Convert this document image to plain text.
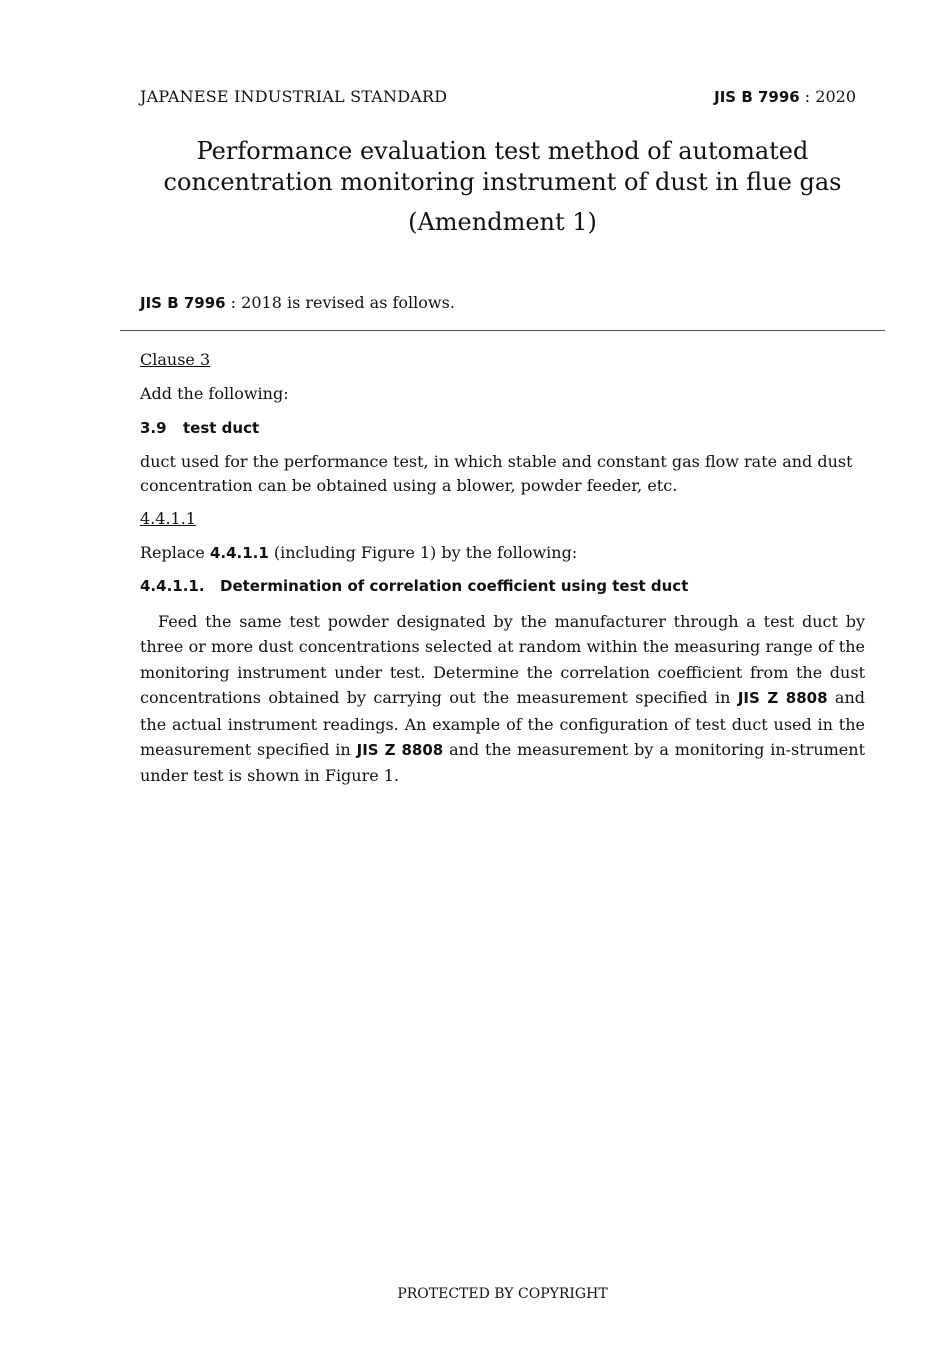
JAPANESE INDUSTRIAL STANDARD	JIS B 7996 : 2020
Performance evaluation test method of automated
concentration monitoring instrument of dust in flue gas
(Amendment 1)
JIS B 7996 : 2018 is revised as follows.
Clause 3
Add the following:
3.9 test duct
duct used for the performance test, in which stable and constant gas flow rate and dust
concentration can be obtained using a blower, powder feeder, etc.
4.4.1.1
Replace 4.4.1.1 (including Figure 1) by the following:
4.4.1.1. Determination of correlation coefficient using test duct
Feed the same test powder designated by the manufacturer through a test duct by three or more dust concentrations selected at random within the measuring range of the monitoring instrument under test. Determine the correlation coefficient from the dust concentrations obtained by carrying out the measurement specified in JIS Z 8808 and the actual instrument readings. An example of the configuration of test duct used in the measurement specified in JIS Z 8808 and the measurement by a monitoring in-strument under test is shown in Figure 1.
PROTECTED BY COPYRIGHT
